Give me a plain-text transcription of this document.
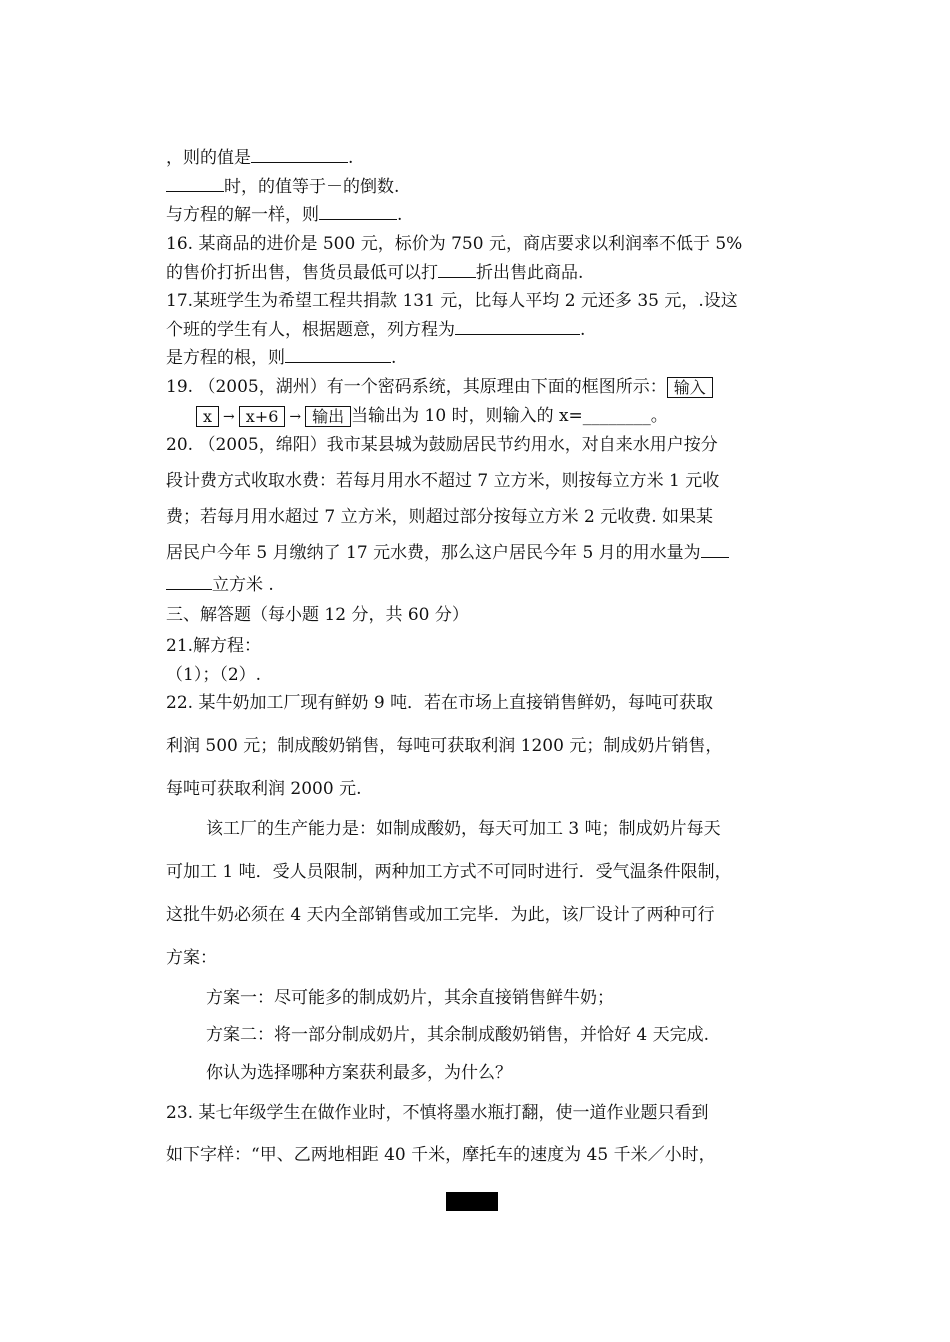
，则的值是	.
时，的值等于－的倒数.
与方程的解一样，则	.
16. 某商品的进价是 500 元，标价为 750 元，商店要求以利润率不低于 5%
的售价打折出售，售货员最低可以打 折出售此商品.
17.某班学生为希望工程共捐款 131 元，比每人平均 2 元还多 35 元，.设这
个班的学生有人，根据题意，列方程为	.
是方程的根，则	.
19. （2005，湖州）有一个密码系统，其原理由下面的框图所示： 输入
x → x+6 → 输出 当输出为 10 时，则输入的 x=________。
20. （2005，绵阳）我市某县城为鼓励居民节约用水，对自来水用户按分
段计费方式收取水费：若每月用水不超过 7 立方米，则按每立方米 1 元收
费；若每月用水超过 7 立方米，则超过部分按每立方米 2 元收费. 如果某
居民户今年 5 月缴纳了 17 元水费，那么这户居民今年 5 月的用水量为
立方米 .
三、解答题（每小题 12 分，共 60 分）
21.解方程：
（1）；（2）.
22. 某牛奶加工厂现有鲜奶 9 吨．若在市场上直接销售鲜奶，每吨可获取
利润 500 元；制成酸奶销售，每吨可获取利润 1200 元；制成奶片销售，
每吨可获取利润 2000 元.
该工厂的生产能力是：如制成酸奶，每天可加工 3 吨；制成奶片每天
可加工 1 吨．受人员限制，两种加工方式不可同时进行．受气温条件限制，
这批牛奶必须在 4 天内全部销售或加工完毕．为此，该厂设计了两种可行
方案：
方案一：尽可能多的制成奶片，其余直接销售鲜牛奶；
方案二：将一部分制成奶片，其余制成酸奶销售，并恰好 4 天完成.
你认为选择哪种方案获利最多，为什么？
23. 某七年级学生在做作业时，不慎将墨水瓶打翻，使一道作业题只看到
如下字样：“甲、乙两地相距 40 千米，摩托车的速度为 45 千米／小时，
